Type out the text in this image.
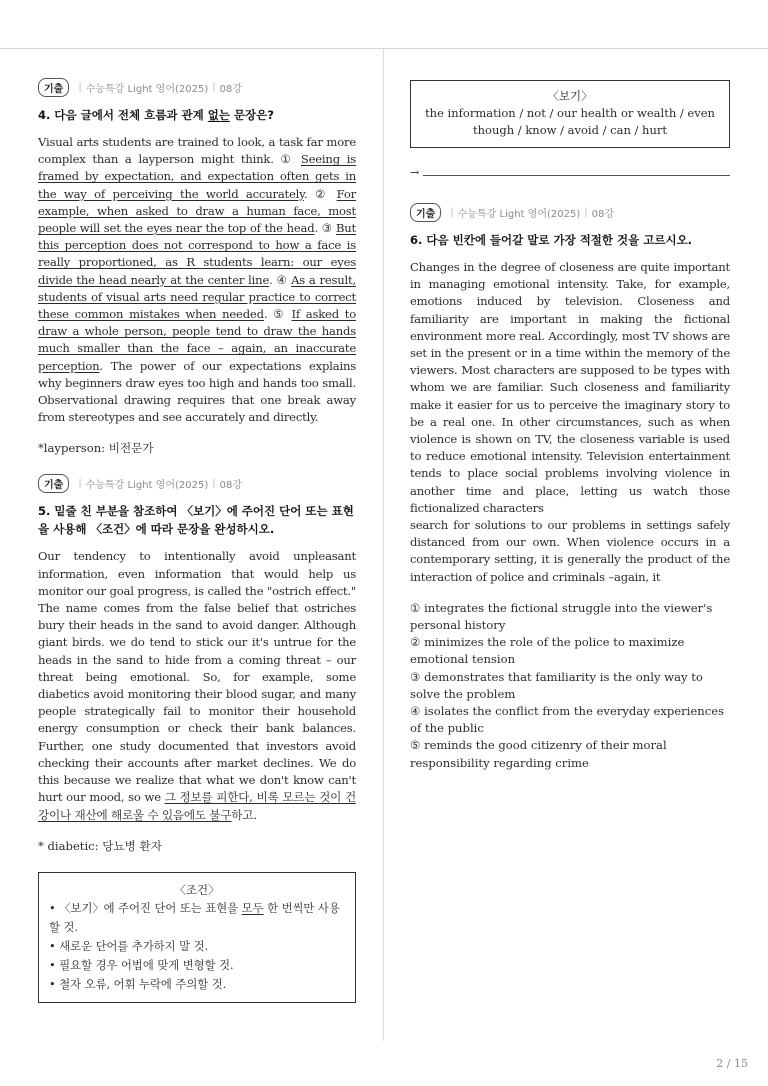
기출	| 수능특강 Light 영어(2025) | 08강
4. 다음 글에서 전체 흐름과 관계 없는 문장은?

Visual arts students are trained to look, a task far more complex than a layperson might think. ① Seeing is framed by expectation, and expectation often gets in the way of perceiving the world accurately. ② For example, when asked to draw a human face, most people will set the eyes near the top of the head. ③ But this perception does not correspond to how a face is really proportioned, as R students learn: our eyes divide the head nearly at the center line. ④ As a result, students of visual arts need regular practice to correct these common mistakes when needed. ⑤ If asked to draw a whole person, people tend to draw the hands much smaller than the face – again, an inaccurate perception. The power of our expectations explains why beginners draw eyes too high and hands too small. Observational drawing requires that one break away from stereotypes and see accurately and directly.

*layperson: 비전문가
기출	| 수능특강 Light 영어(2025) | 08강
5. 밑줄 친 부분을 참조하여 〈보기〉에 주어진 단어 또는 표현을 사용해 〈조건〉에 따라 문장을 완성하시오.

Our tendency to intentionally avoid unpleasant information, even information that would help us monitor our goal progress, is called the "ostrich effect." The name comes from the false belief that ostriches bury their heads in the sand to avoid danger. Although giant birds. we do tend to stick our it's untrue for the heads in the sand to hide from a coming threat – our threat being emotional. So, for example, some diabetics avoid monitoring their blood sugar, and many people strategically fail to monitor their household energy consumption or check their bank balances. Further, one study documented that investors avoid checking their accounts after market declines. We do this because we realize that what we don't know can't hurt our mood, so we 그 정보를 피한다, 비록 모르는 것이 건강이나 재산에 해로울 수 있음에도 불구하고.

* diabetic: 당뇨병 환자
〈조건〉
• 〈보기〉에 주어진 단어 또는 표현을 모두 한 번씩만 사용할 것.
• 새로운 단어를 추가하지 말 것.
• 필요할 경우 어법에 맞게 변형할 것.
• 철자 오류, 어휘 누락에 주의할 것.
〈보기〉
the information / not / our health or wealth / even though / know / avoid / can / hurt
→
기출	| 수능특강 Light 영어(2025) | 08강
6. 다음 빈칸에 들어갈 말로 가장 적절한 것을 고르시오.

Changes in the degree of closeness are quite important in managing emotional intensity. Take, for example, emotions induced by television. Closeness and familiarity are important in making the fictional environment more real. Accordingly, most TV shows are set in the present or in a time within the memory of the viewers. Most characters are supposed to be types with whom we are familiar. Such closeness and familiarity make it easier for us to perceive the imaginary story to be a real one. In other circumstances, such as when violence is shown on TV, the closeness variable is used to reduce emotional intensity. Television entertainment tends to place social problems involving violence in another time and place, letting us watch those fictionalized characters

search for solutions to our problems in settings safely distanced from our own. When violence occurs in a contemporary setting, it is generally the product of the interaction of police and criminals –again, it

① integrates the fictional struggle into the viewer's personal history
② minimizes the role of the police to maximize emotional tension
③ demonstrates that familiarity is the only way to solve the problem
④ isolates the conflict from the everyday experiences of the public
⑤ reminds the good citizenry of their moral responsibility regarding crime
2 / 15
